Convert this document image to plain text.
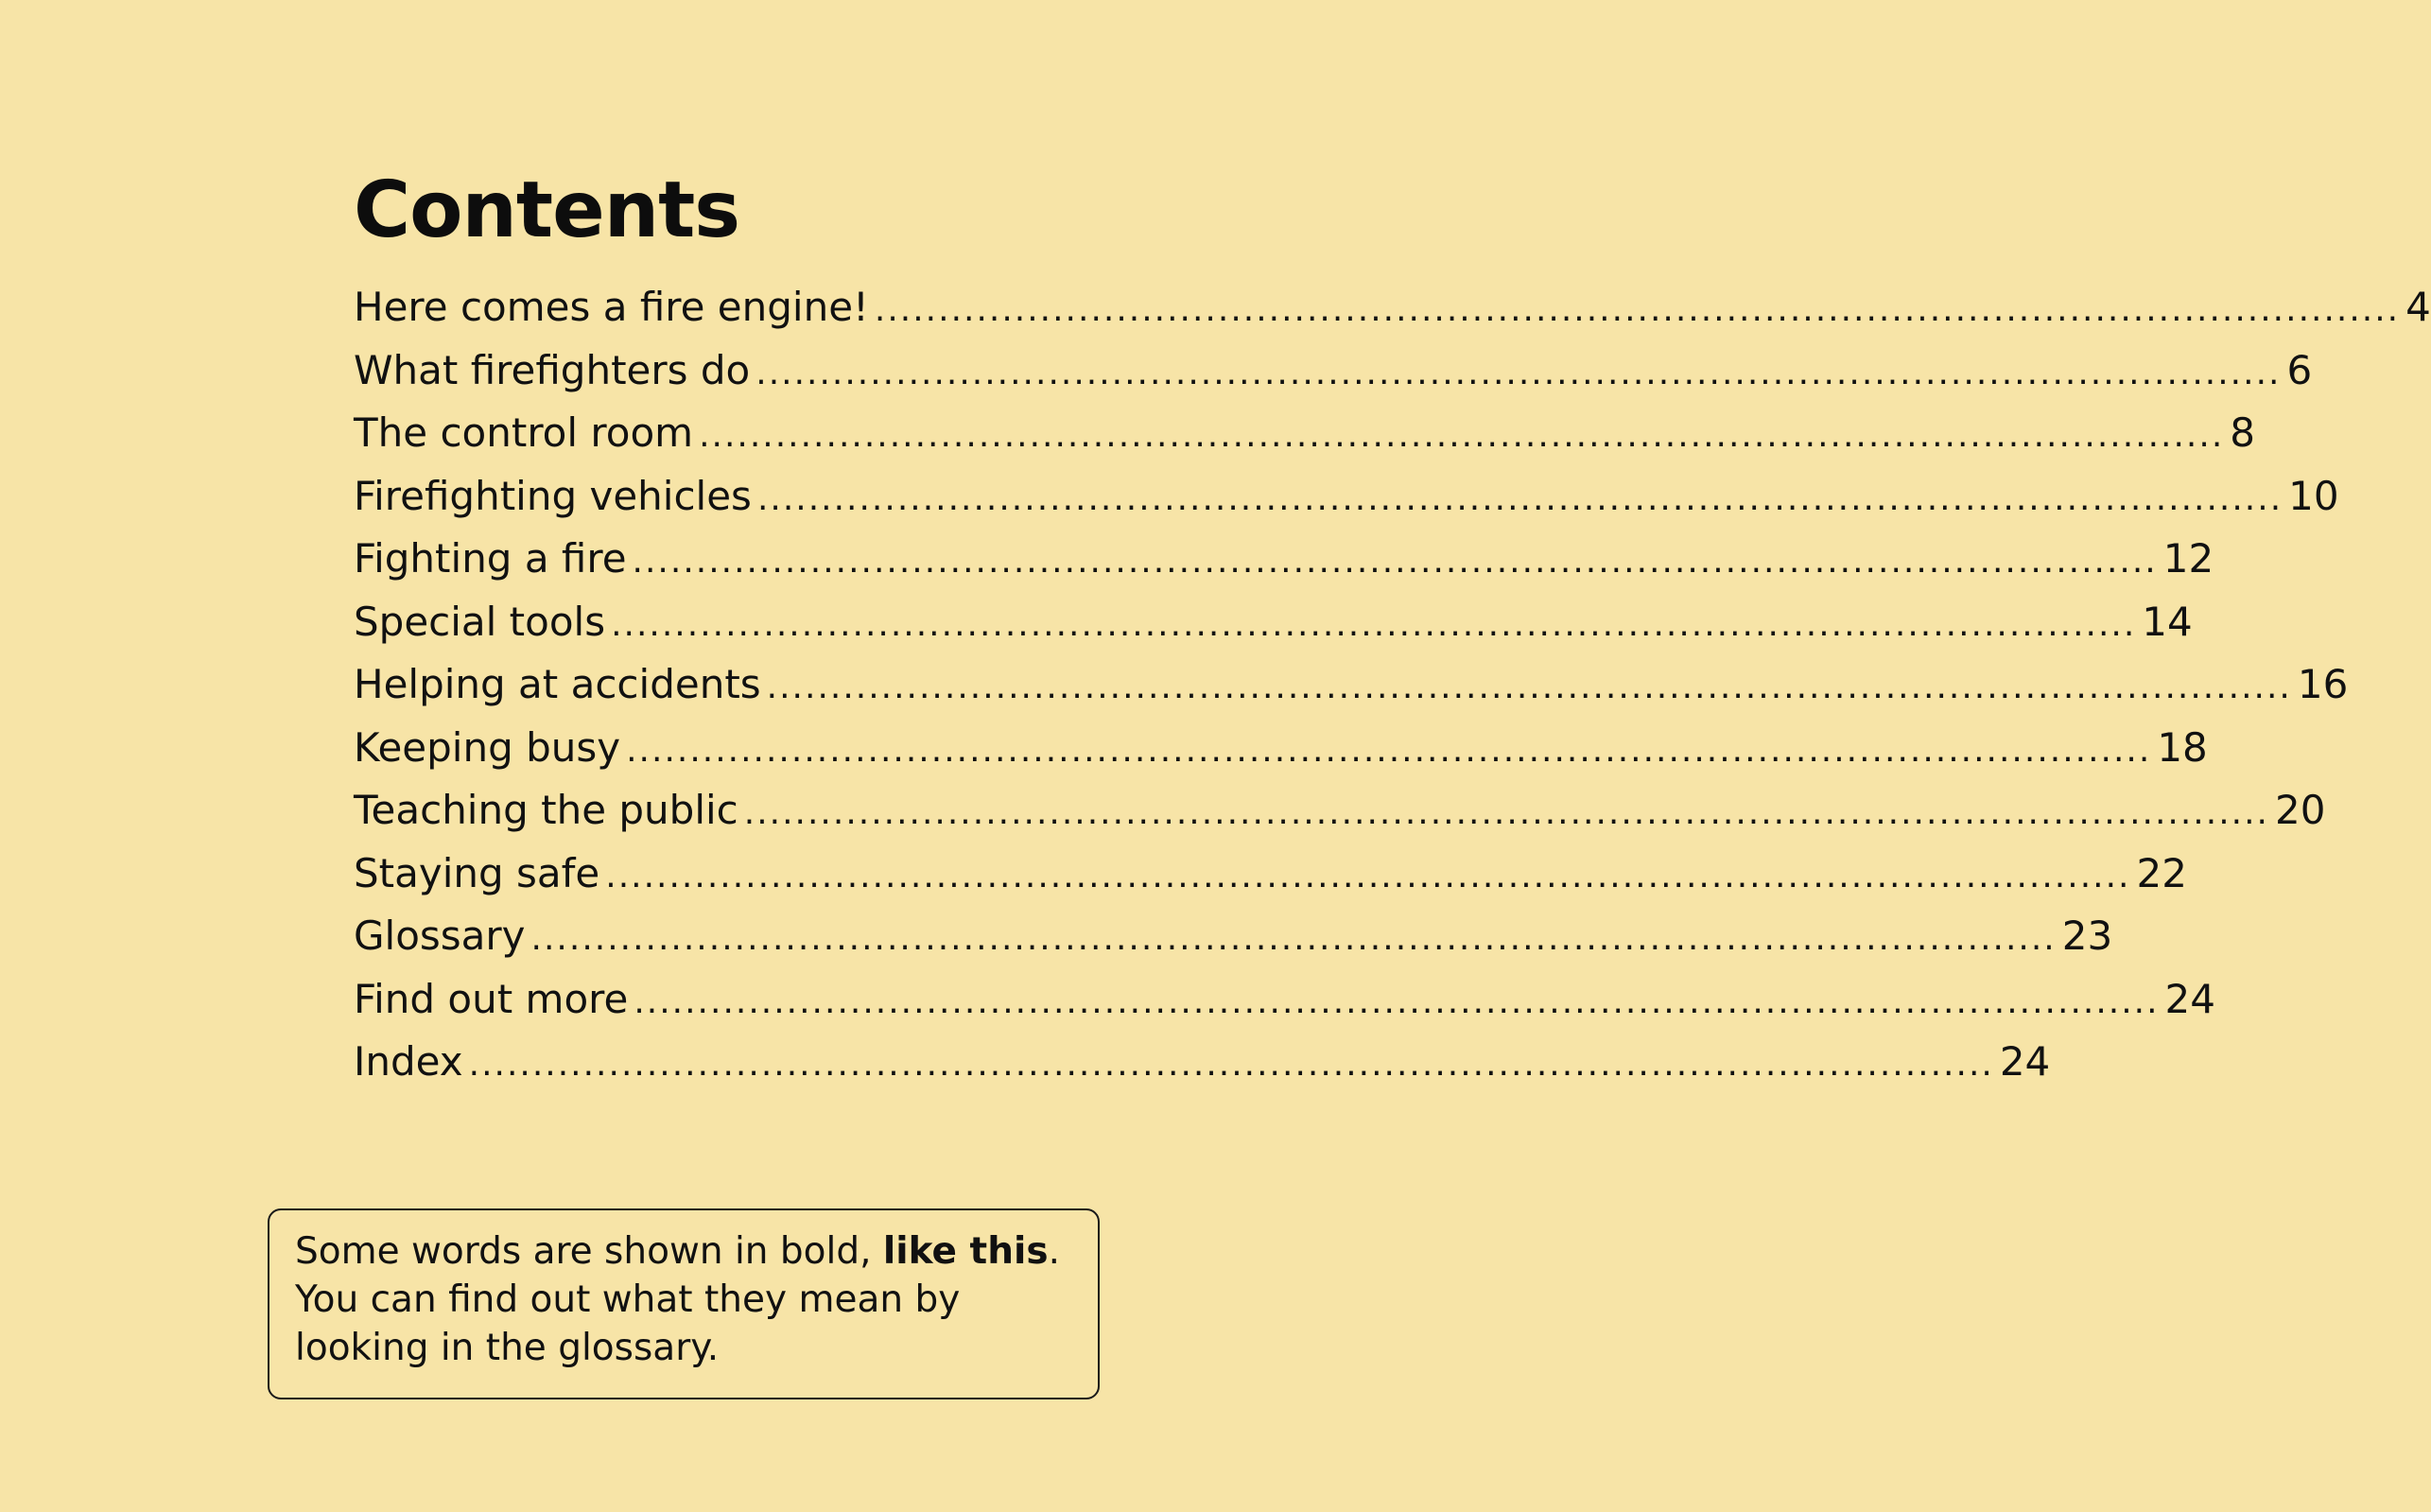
Contents
Here comes a fire engine! ........................................................................................................................ 4
What firefighters do ........................................................................................................................ 6
The control room ........................................................................................................................ 8
Firefighting vehicles ........................................................................................................................ 10
Fighting a fire ........................................................................................................................ 12
Special tools ........................................................................................................................ 14
Helping at accidents ........................................................................................................................ 16
Keeping busy ........................................................................................................................ 18
Teaching the public ........................................................................................................................ 20
Staying safe ........................................................................................................................ 22
Glossary ........................................................................................................................ 23
Find out more ........................................................................................................................ 24
Index ........................................................................................................................ 24
Some words are shown in bold, like this. You can find out what they mean by looking in the glossary.
